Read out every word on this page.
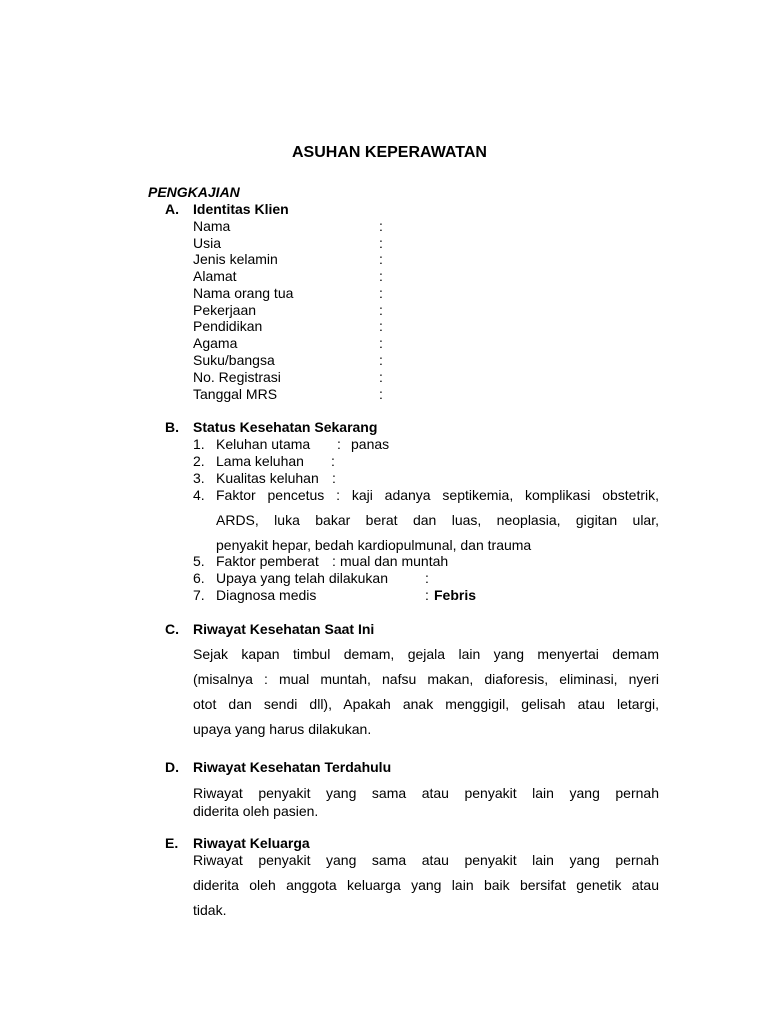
ASUHAN KEPERAWATAN
PENGKAJIAN
A. Identitas Klien
Nama	:
Usia	:
Jenis kelamin	:
Alamat	:
Nama orang tua	:
Pekerjaan	:
Pendidikan	:
Agama	:
Suku/bangsa	:
No. Registrasi	:
Tanggal MRS	:
B. Status Kesehatan Sekarang
1. Keluhan utama : panas
2. Lama keluhan :
3. Kualitas keluhan :
4. Faktor pencetus : kaji adanya septikemia, komplikasi obstetrik,
ARDS, luka bakar berat dan luas, neoplasia, gigitan ular,
penyakit hepar, bedah kardiopulmunal, dan trauma
5. Faktor pemberat : mual dan muntah
6. Upaya yang telah dilakukan	:
7. Diagnosa medis	: Febris
C. Riwayat Kesehatan Saat Ini
Sejak kapan timbul demam, gejala lain yang menyertai demam
(misalnya : mual muntah, nafsu makan, diaforesis, eliminasi, nyeri
otot dan sendi dll), Apakah anak menggigil, gelisah atau letargi,
upaya yang harus dilakukan.
D. Riwayat Kesehatan Terdahulu
Riwayat penyakit yang sama atau penyakit lain yang pernah
diderita oleh pasien.
E. Riwayat Keluarga
Riwayat penyakit yang sama atau penyakit lain yang pernah
diderita oleh anggota keluarga yang lain baik bersifat genetik atau
tidak.
